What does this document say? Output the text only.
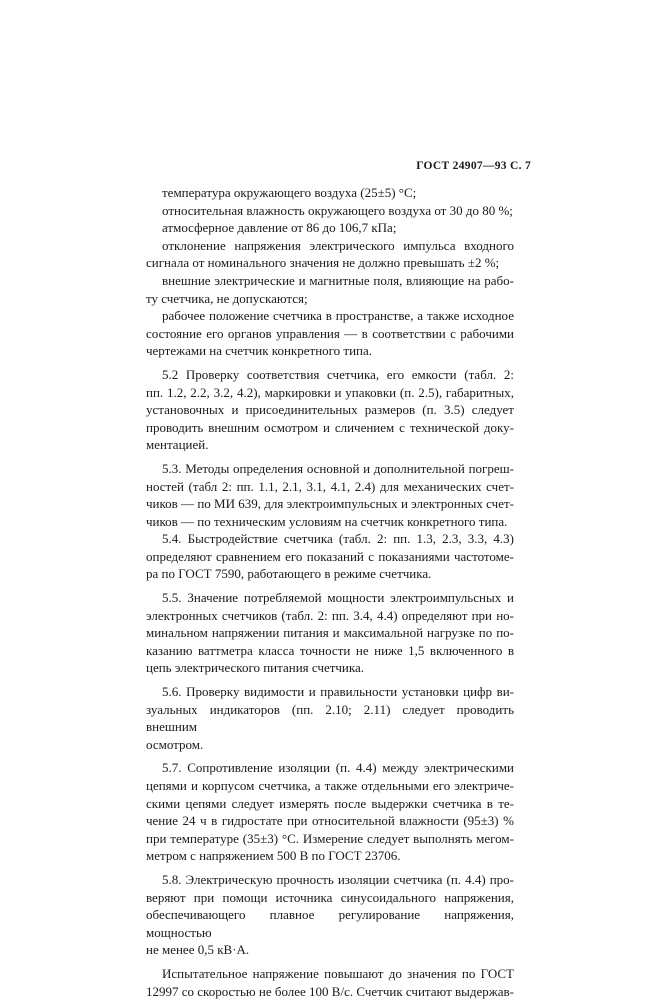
ГОСТ 24907—93 С. 7

температура окружающего воздуха (25±5) °С;

относительная влажность окружающего воздуха от 30 до 80 %;

атмосферное давление от 86 до 106,7 кПа;

отклонение напряжения электрического импульса входного
сигнала от номинального значения не должно превышать ±2 %;

внешние электрические и магнитные поля, влияющие на рабо-
ту счетчика, не допускаются;

рабочее положение счетчика в пространстве, а также исходное
состояние его органов управления — в соответствии с рабочими
чертежами на счетчик конкретного типа.

5.2 Проверку соответствия счетчика, его емкости (табл. 2:
пп. 1.2, 2.2, 3.2, 4.2), маркировки и упаковки (п. 2.5), габаритных,
установочных и присоединительных размеров (п. 3.5) следует
проводить внешним осмотром и сличением с технической доку-
ментацией.

5.3. Методы определения основной и дополнительной погреш-
ностей (табл 2: пп. 1.1, 2.1, 3.1, 4.1, 2.4) для механических счет-
чиков — по МИ 639, для электроимпульсных и электронных счет-
чиков — по техническим условиям на счетчик конкретного типа.

5.4. Быстродействие счетчика (табл. 2: пп. 1.3, 2.3, 3.3, 4.3)
определяют сравнением его показаний с показаниями частотоме-
ра по ГОСТ 7590, работающего в режиме счетчика.

5.5. Значение потребляемой мощности электроимпульсных и
электронных счетчиков (табл. 2: пп. 3.4, 4.4) определяют при но-
минальном напряжении питания и максимальной нагрузке по по-
казанию ваттметра класса точности не ниже 1,5 включенного в
цепь электрического питания счетчика.

5.6. Проверку видимости и правильности установки цифр ви-
зуальных индикаторов (пп. 2.10; 2.11) следует проводить внешним
осмотром.

5.7. Сопротивление изоляции (п. 4.4) между электрическими
цепями и корпусом счетчика, а также отдельными его электриче-
скими цепями следует измерять после выдержки счетчика в те-
чение 24 ч в гидростате при относительной влажности (95±3) %
при температуре (35±3) °С. Измерение следует выполнять мегом-
метром с напряжением 500 В по ГОСТ 23706.

5.8. Электрическую прочность изоляции счетчика (п. 4.4) про-
веряют при помощи источника синусоидального напряжения,
обеспечивающего плавное регулирование напряжения, мощностью
не менее 0,5 кВ·А.

Испытательное напряжение повышают до значения по ГОСТ
12997 со скоростью не более 100 В/с. Счетчик считают выдержав-
